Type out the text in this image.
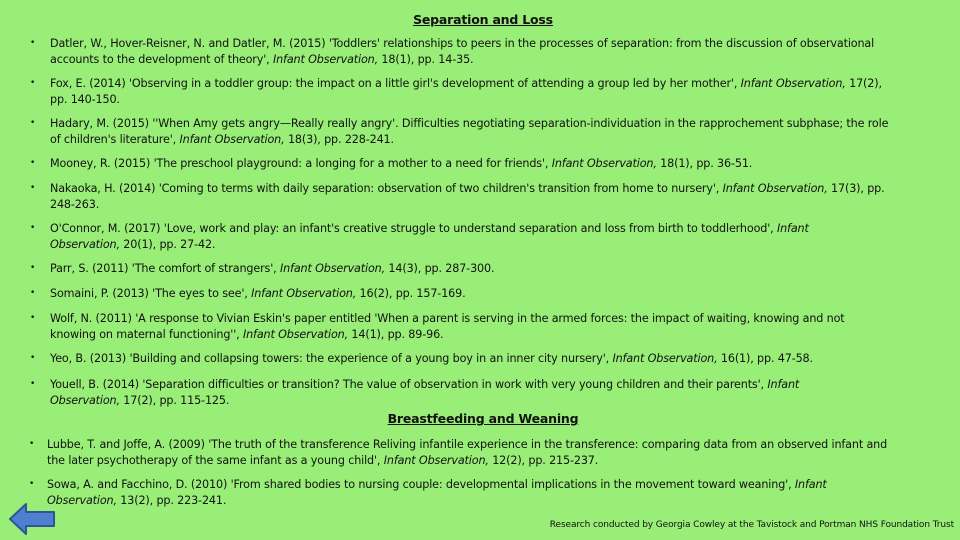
Separation and Loss
• Datler, W., Hover-Reisner, N. and Datler, M. (2015) 'Toddlers' relationships to peers in the processes of separation: from the discussion of observational
accounts to the development of theory', Infant Observation, 18(1), pp. 14-35.
• Fox, E. (2014) 'Observing in a toddler group: the impact on a little girl's development of attending a group led by her mother', Infant Observation, 17(2),
pp. 140-150.
• Hadary, M. (2015) ''When Amy gets angry—Really really angry'. Difficulties negotiating separation-individuation in the rapprochement subphase; the role
of children's literature', Infant Observation, 18(3), pp. 228-241.
• Mooney, R. (2015) 'The preschool playground: a longing for a mother to a need for friends', Infant Observation, 18(1), pp. 36-51.
• Nakaoka, H. (2014) 'Coming to terms with daily separation: observation of two children's transition from home to nursery', Infant Observation, 17(3), pp.
248-263.
• O'Connor, M. (2017) 'Love, work and play: an infant's creative struggle to understand separation and loss from birth to toddlerhood', Infant
Observation, 20(1), pp. 27-42.
• Parr, S. (2011) 'The comfort of strangers', Infant Observation, 14(3), pp. 287-300.
• Somaini, P. (2013) 'The eyes to see', Infant Observation, 16(2), pp. 157-169.
• Wolf, N. (2011) 'A response to Vivian Eskin's paper entitled 'When a parent is serving in the armed forces: the impact of waiting, knowing and not
knowing on maternal functioning'', Infant Observation, 14(1), pp. 89-96.
• Yeo, B. (2013) 'Building and collapsing towers: the experience of a young boy in an inner city nursery', Infant Observation, 16(1), pp. 47-58.
• Youell, B. (2014) 'Separation difficulties or transition? The value of observation in work with very young children and their parents', Infant
Observation, 17(2), pp. 115-125.
Breastfeeding and Weaning
• Lubbe, T. and Joffe, A. (2009) 'The truth of the transference Reliving infantile experience in the transference: comparing data from an observed infant and
the later psychotherapy of the same infant as a young child', Infant Observation, 12(2), pp. 215-237.
• Sowa, A. and Facchino, D. (2010) 'From shared bodies to nursing couple: developmental implications in the movement toward weaning', Infant
Observation, 13(2), pp. 223-241.
Research conducted by Georgia Cowley at the Tavistock and Portman NHS Foundation Trust
